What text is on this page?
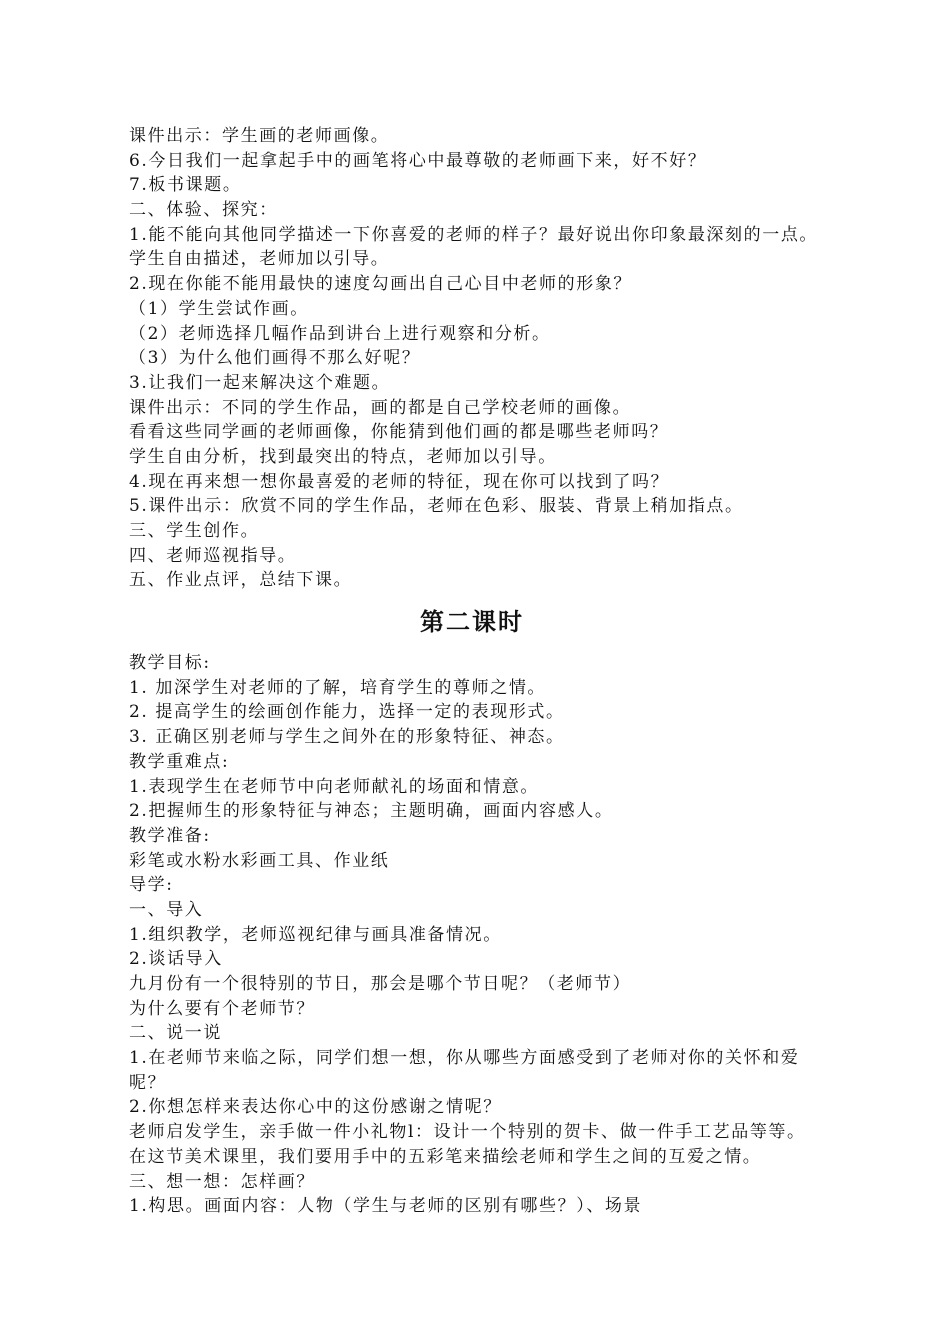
课件出示：学生画的老师画像。
6.今日我们一起拿起手中的画笔将心中最尊敬的老师画下来，好不好？
7.板书课题。
二、体验、探究：
1.能不能向其他同学描述一下你喜爱的老师的样子？最好说出你印象最深刻的一点。
学生自由描述，老师加以引导。
2.现在你能不能用最快的速度勾画出自己心目中老师的形象？
（1）学生尝试作画。
（2）老师选择几幅作品到讲台上进行观察和分析。
（3）为什么他们画得不那么好呢？
3.让我们一起来解决这个难题。
课件出示：不同的学生作品，画的都是自己学校老师的画像。
看看这些同学画的老师画像，你能猜到他们画的都是哪些老师吗？
学生自由分析，找到最突出的特点，老师加以引导。
4.现在再来想一想你最喜爱的老师的特征，现在你可以找到了吗？
5.课件出示：欣赏不同的学生作品，老师在色彩、服装、背景上稍加指点。
三、学生创作。
四、老师巡视指导。
五、作业点评，总结下课。
第二课时
教学目标:
1. 加深学生对老师的了解，培育学生的尊师之情。
2. 提高学生的绘画创作能力，选择一定的表现形式。
3. 正确区别老师与学生之间外在的形象特征、神态。
教学重难点:
1.表现学生在老师节中向老师献礼的场面和情意。
2.把握师生的形象特征与神态；主题明确，画面内容感人。
教学准备:
彩笔或水粉水彩画工具、作业纸
导学:
一、导入
1.组织教学，老师巡视纪律与画具准备情况。
2.谈话导入
九月份有一个很特别的节日，那会是哪个节日呢？（老师节）
为什么要有个老师节？
二、说一说
1.在老师节来临之际，同学们想一想，你从哪些方面感受到了老师对你的关怀和爱
呢？
2.你想怎样来表达你心中的这份感谢之情呢？
老师启发学生，亲手做一件小礼物l：设计一个特别的贺卡、做一件手工艺品等等。
在这节美术课里，我们要用手中的五彩笔来描绘老师和学生之间的互爱之情。
三、想一想：怎样画？
1.构思。画面内容：人物（学生与老师的区别有哪些？）、场景
